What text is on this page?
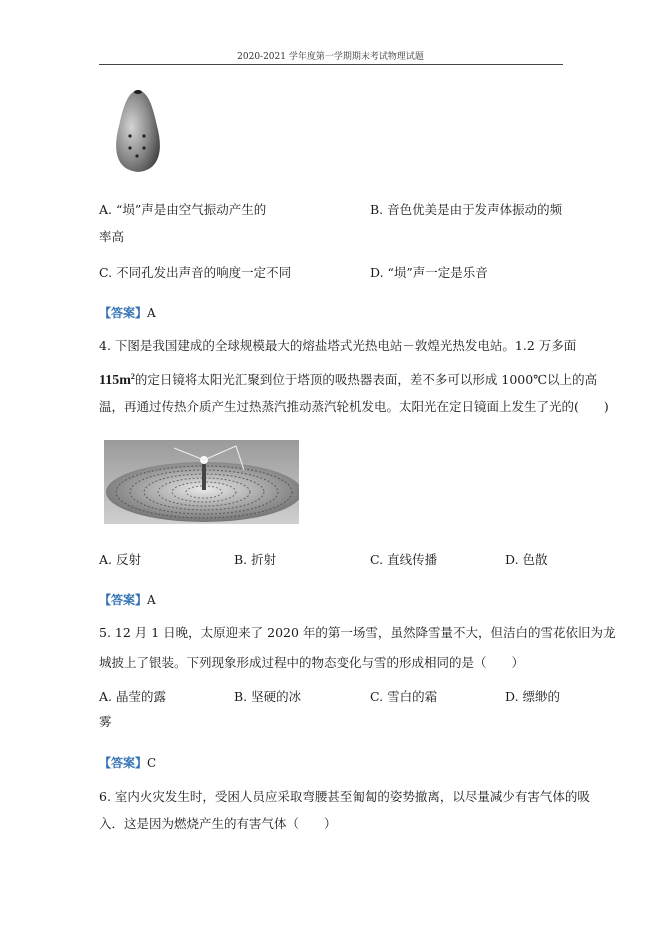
2020-2021 学年度第一学期期末考试物理试题
A. “埙”声是由空气振动产生的	B. 音色优美是由于发声体振动的频
率高
C. 不同孔发出声音的响度一定不同	D. “埙”声一定是乐音
【答案】A
4. 下图是我国建成的全球规模最大的熔盐塔式光热电站－敦煌光热发电站。1.2 万多面
$115m^2$的定日镜将太阳光汇聚到位于塔顶的吸热器表面，差不多可以形成 1000℃以上的高
温，再通过传热介质产生过热蒸汽推动蒸汽轮机发电。太阳光在定日镜面上发生了光的(　　)
A. 反射	B. 折射	C. 直线传播	D. 色散
【答案】A
5. 12 月 1 日晚，太原迎来了 2020 年的第一场雪，虽然降雪量不大，但洁白的雪花依旧为龙
城披上了银装。下列现象形成过程中的物态变化与雪的形成相同的是（　　）
A. 晶莹的露	B. 坚硬的冰	C. 雪白的霜	D. 缥缈的
雾
【答案】C
6. 室内火灾发生时，受困人员应采取弯腰甚至匍匐的姿势撤离，以尽量减少有害气体的吸
入．这是因为燃烧产生的有害气体（　　）
